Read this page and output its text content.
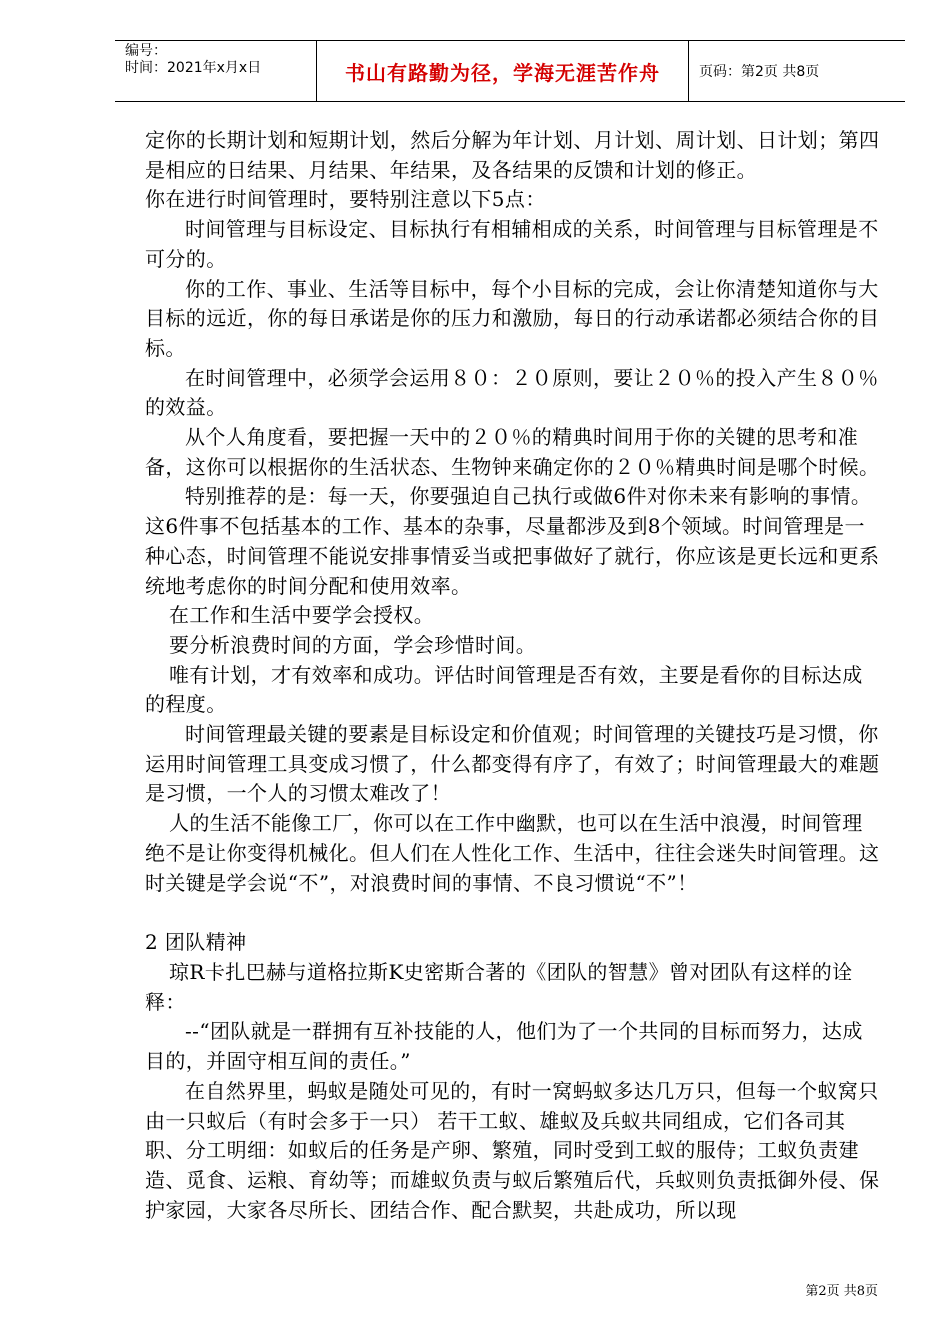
编号：
时间：2021年x月x日	书山有路勤为径，学海无涯苦作舟	页码：第2页 共8页

定你的长期计划和短期计划，然后分解为年计划、月计划、周计划、日计划；第四是相应的日结果、月结果、年结果，及各结果的反馈和计划的修正。

你在进行时间管理时，要特别注意以下5点：

时间管理与目标设定、目标执行有相辅相成的关系，时间管理与目标管理是不可分的。

你的工作、事业、生活等目标中，每个小目标的完成，会让你清楚知道你与大目标的远近，你的每日承诺是你的压力和激励，每日的行动承诺都必须结合你的目标。

在时间管理中，必须学会运用８０：２０原则，要让２０％的投入产生８０％的效益。

从个人角度看，要把握一天中的２０％的精典时间用于你的关键的思考和准备，这你可以根据你的生活状态、生物钟来确定你的２０％精典时间是哪个时候。

特别推荐的是：每一天，你要强迫自己执行或做6件对你未来有影响的事情。这6件事不包括基本的工作、基本的杂事，尽量都涉及到8个领域。时间管理是一种心态，时间管理不能说安排事情妥当或把事做好了就行，你应该是更长远和更系统地考虑你的时间分配和使用效率。

在工作和生活中要学会授权。

要分析浪费时间的方面，学会珍惜时间。

唯有计划，才有效率和成功。评估时间管理是否有效，主要是看你的目标达成的程度。

时间管理最关键的要素是目标设定和价值观；时间管理的关键技巧是习惯，你运用时间管理工具变成习惯了，什么都变得有序了，有效了；时间管理最大的难题是习惯，一个人的习惯太难改了！

人的生活不能像工厂，你可以在工作中幽默，也可以在生活中浪漫，时间管理绝不是让你变得机械化。但人们在人性化工作、生活中，往往会迷失时间管理。这时关键是学会说“不”，对浪费时间的事情、不良习惯说“不”！

2 团队精神

琼R卡扎巴赫与道格拉斯K史密斯合著的《团队的智慧》曾对团队有这样的诠释：

--“团队就是一群拥有互补技能的人，他们为了一个共同的目标而努力，达成目的，并固守相互间的责任。”

在自然界里，蚂蚁是随处可见的，有时一窝蚂蚁多达几万只，但每一个蚁窝只由一只蚁后（有时会多于一只） 若干工蚁、雄蚁及兵蚁共同组成，它们各司其职、分工明细：如蚁后的任务是产卵、繁殖，同时受到工蚁的服侍；工蚁负责建造、觅食、运粮、育幼等；而雄蚁负责与蚁后繁殖后代，兵蚁则负责抵御外侵、保护家园，大家各尽所长、团结合作、配合默契，共赴成功，所以现

第2页 共8页
